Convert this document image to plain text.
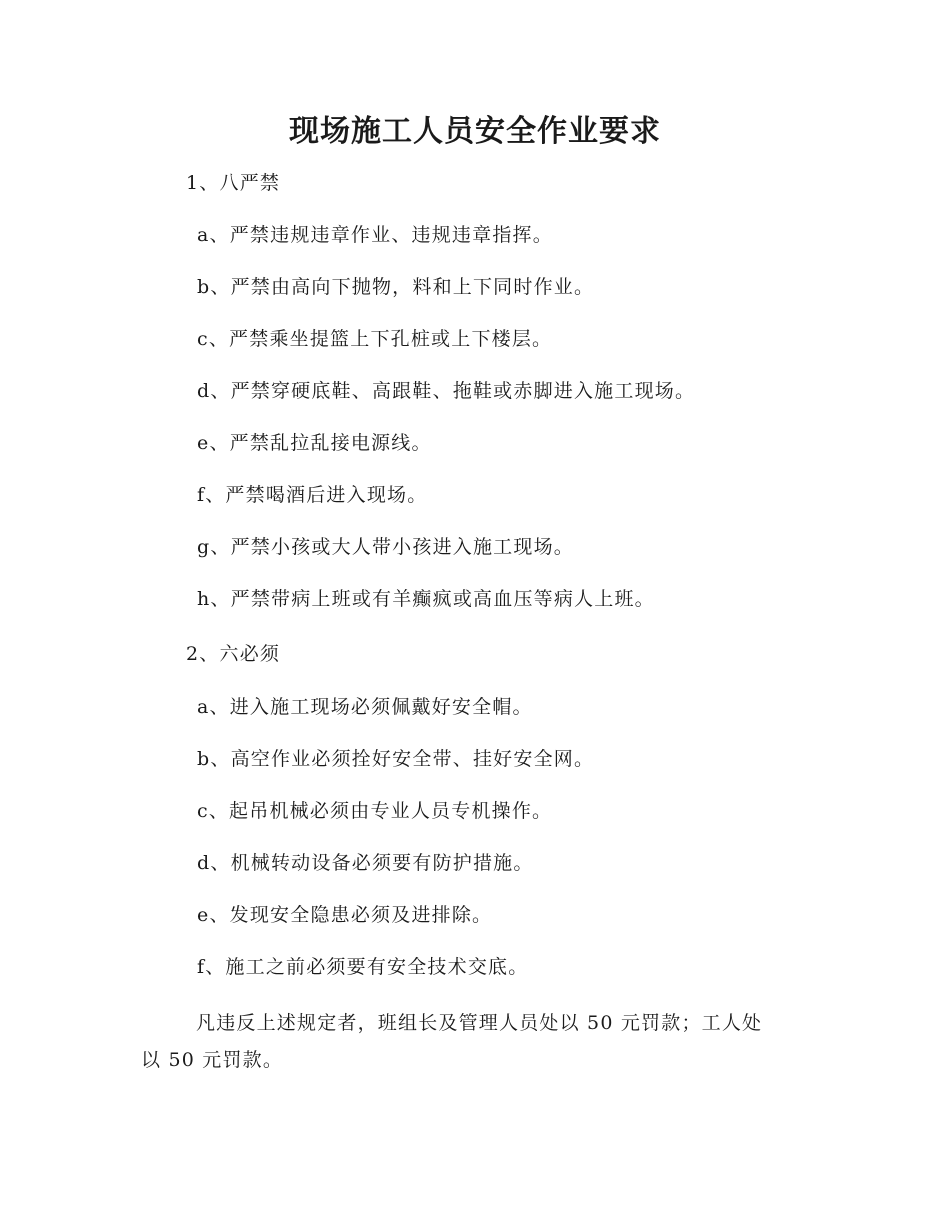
现场施工人员安全作业要求
1、八严禁
a、严禁违规违章作业、违规违章指挥。
b、严禁由高向下抛物，料和上下同时作业。
c、严禁乘坐提篮上下孔桩或上下楼层。
d、严禁穿硬底鞋、高跟鞋、拖鞋或赤脚进入施工现场。
e、严禁乱拉乱接电源线。
f、严禁喝酒后进入现场。
g、严禁小孩或大人带小孩进入施工现场。
h、严禁带病上班或有羊癫疯或高血压等病人上班。
2、六必须
a、进入施工现场必须佩戴好安全帽。
b、高空作业必须拴好安全带、挂好安全网。
c、起吊机械必须由专业人员专机操作。
d、机械转动设备必须要有防护措施。
e、发现安全隐患必须及进排除。
f、施工之前必须要有安全技术交底。
凡违反上述规定者，班组长及管理人员处以 50 元罚款；工人处
以 50 元罚款。
